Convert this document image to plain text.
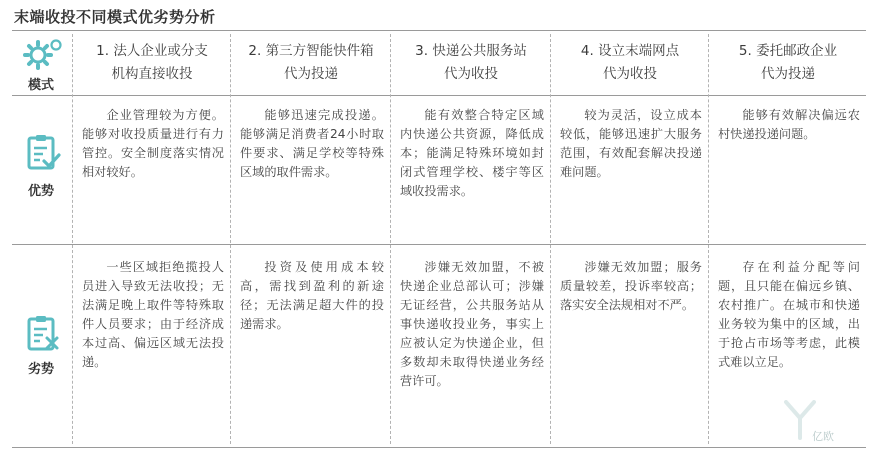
末端收投不同模式优劣势分析
模式
优势
劣势
1. 法人企业或分支
机构直接收投
2. 第三方智能快件箱
代为投递
3. 快递公共服务站
代为收投
4. 设立末端网点
代为收投
5. 委托邮政企业
代为投递
企业管理较为方便。能够对收投质量进行有力管控。安全制度落实情况相对较好。
能够迅速完成投递。能够满足消费者24小时取件要求、满足学校等特殊区域的取件需求。
能有效整合特定区域内快递公共资源，降低成本；能满足特殊环境如封闭式管理学校、楼宇等区域收投需求。
较为灵活，设立成本较低，能够迅速扩大服务范围，有效配套解决投递难问题。
能够有效解决偏远农村快递投递问题。
一些区域拒绝揽投人员进入导致无法收投；无法满足晚上取件等特殊取件人员要求；由于经济成本过高、偏远区域无法投递。
投资及使用成本较高，需找到盈利的新途径；无法满足超大件的投递需求。
涉嫌无效加盟，不被快递企业总部认可；涉嫌无证经营，公共服务站从事快递收投业务，事实上应被认定为快递企业，但多数却未取得快递业务经营许可。
涉嫌无效加盟；服务质量较差，投诉率较高；落实安全法规相对不严。
存在利益分配等问题，且只能在偏远乡镇、农村推广。在城市和快递业务较为集中的区域，出于抢占市场等考虑，此模式难以立足。
亿欧
